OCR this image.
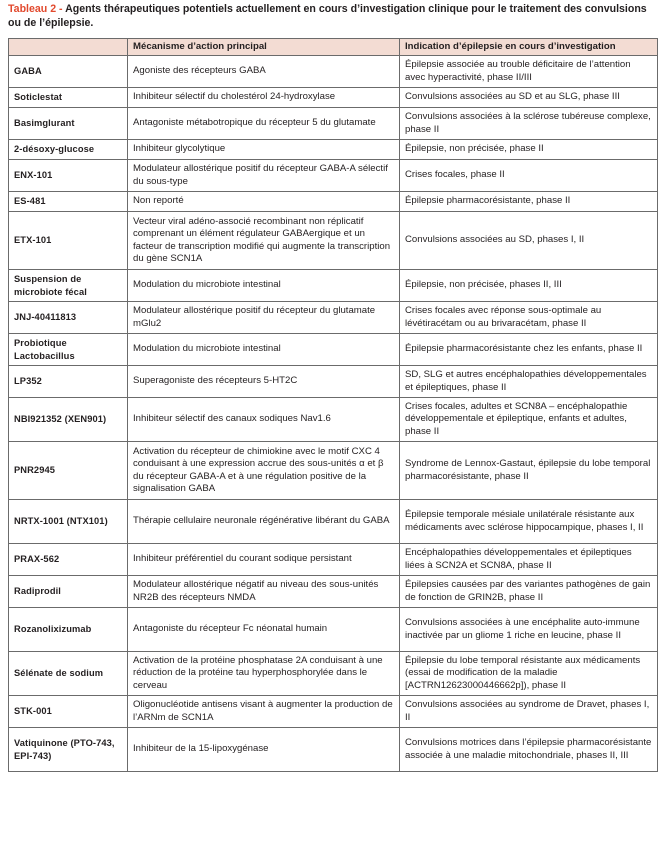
Tableau 2 - Agents thérapeutiques potentiels actuellement en cours d’investigation clinique pour le traitement des convulsions ou de l’épilepsie.
	Mécanisme d’action principal	Indication d’épilepsie en cours d’investigation
GABA	Agoniste des récepteurs GABA	Épilepsie associée au trouble déficitaire de l’attention avec hyperactivité, phase II/III
Soticlestat	Inhibiteur sélectif du cholestérol 24-hydroxylase	Convulsions associées au SD et au SLG, phase III
Basimglurant	Antagoniste métabotropique du récepteur 5 du glutamate	Convulsions associées à la sclérose tubéreuse complexe, phase II
2-désoxy-glucose	Inhibiteur glycolytique	Épilepsie, non précisée, phase II
ENX-101	Modulateur allostérique positif du récepteur GABA-A sélectif du sous-type	Crises focales, phase II
ES-481	Non reporté	Épilepsie pharmacorésistante, phase II
ETX-101	Vecteur viral adéno-associé recombinant non réplicatif comprenant un élément régulateur GABAergique et un facteur de transcription modifié qui augmente la transcription du gène SCN1A	Convulsions associées au SD, phases I, II
Suspension de microbiote fécal	Modulation du microbiote intestinal	Épilepsie, non précisée, phases II, III
JNJ-40411813	Modulateur allostérique positif du récepteur du glutamate mGlu2	Crises focales avec réponse sous-optimale au lévétiracétam ou au brivaracétam, phase II
Probiotique Lactobacillus	Modulation du microbiote intestinal	Épilepsie pharmacorésistante chez les enfants, phase II
LP352	Superagoniste des récepteurs 5-HT2C	SD, SLG et autres encéphalopathies développementales et épileptiques, phase II
NBI921352 (XEN901)	Inhibiteur sélectif des canaux sodiques Nav1.6	Crises focales, adultes et SCN8A – encéphalopathie développementale et épileptique, enfants et adultes, phase II
PNR2945	Activation du récepteur de chimiokine avec le motif CXC 4 conduisant à une expression accrue des sous-unités α et β du récepteur GABA-A et à une régulation positive de la signalisation GABA	Syndrome de Lennox-Gastaut, épilepsie du lobe temporal pharmacorésistante, phase II
NRTX-1001 (NTX101)	Thérapie cellulaire neuronale régénérative libérant du GABA	Épilepsie temporale mésiale unilatérale résistante aux médicaments avec sclérose hippocampique, phases I, II
PRAX-562	Inhibiteur préférentiel du courant sodique persistant	Encéphalopathies développementales et épileptiques liées à SCN2A et SCN8A, phase II
Radiprodil	Modulateur allostérique négatif au niveau des sous-unités NR2B des récepteurs NMDA	Épilepsies causées par des variantes pathogènes de gain de fonction de GRIN2B, phase II
Rozanolixizumab	Antagoniste du récepteur Fc néonatal humain	Convulsions associées à une encéphalite auto-immune inactivée par un gliome 1 riche en leucine, phase II
Sélénate de sodium	Activation de la protéine phosphatase 2A conduisant à une réduction de la protéine tau hyperphosphorylée dans le cerveau	Épilepsie du lobe temporal résistante aux médicaments (essai de modification de la maladie [ACTRN12623000446662p]), phase II
STK-001	Oligonucléotide antisens visant à augmenter la production de l’ARNm de SCN1A	Convulsions associées au syndrome de Dravet, phases I, II
Vatiquinone (PTO-743, EPI-743)	Inhibiteur de la 15-lipoxygénase	Convulsions motrices dans l’épilepsie pharmacorésistante associée à une maladie mitochondriale, phases II, III
